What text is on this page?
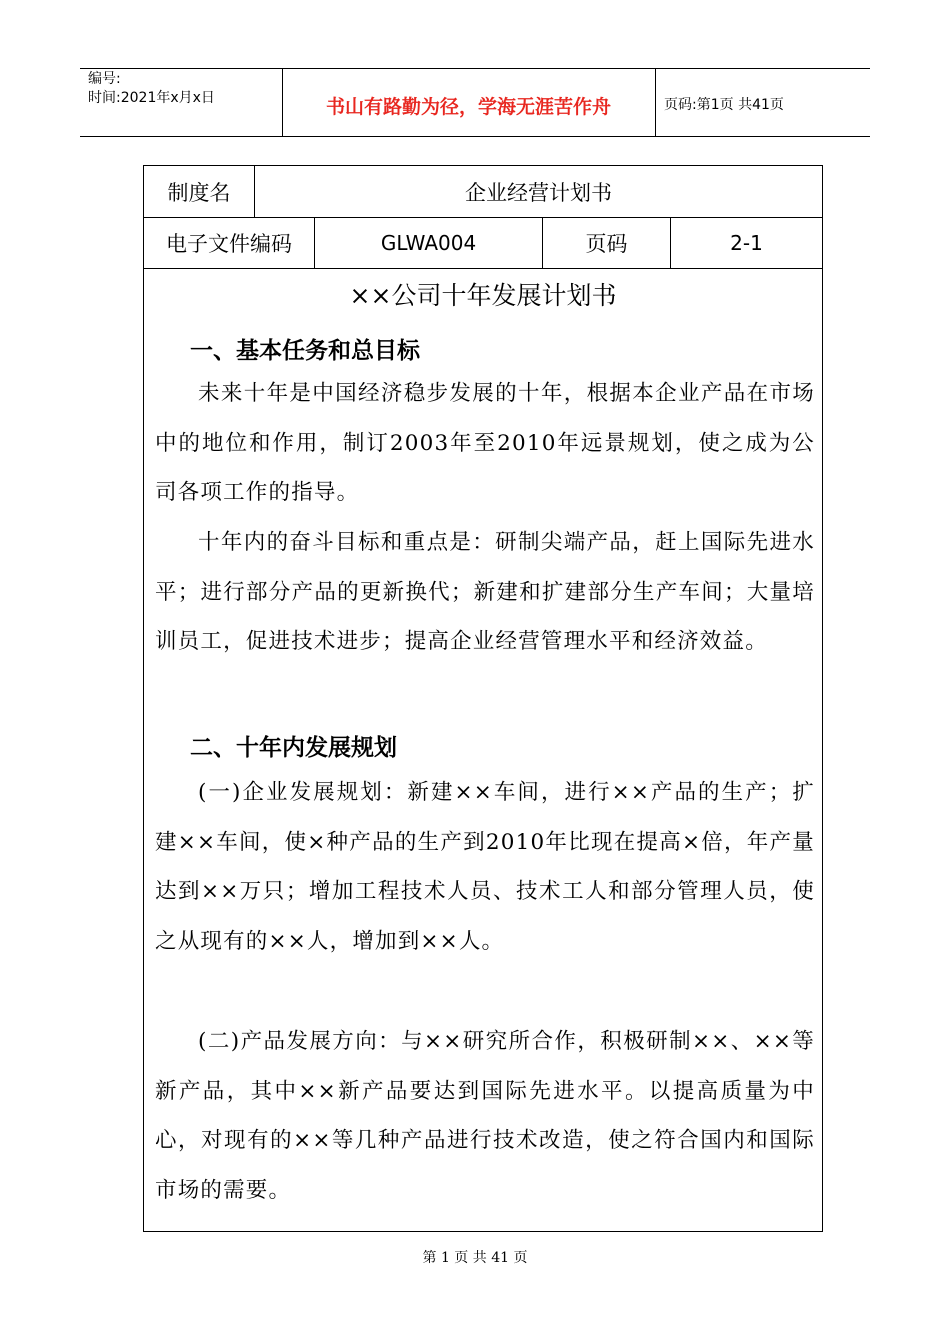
编号:
时间:2021年x月x日	书山有路勤为径，学海无涯苦作舟	页码:第1页 共41页
制度名	企业经营计划书
电子文件编码	GLWA004	页码	2-1
××公司十年发展计划书
一、基本任务和总目标
未来十年是中国经济稳步发展的十年，根据本企业产品在市场中的地位和作用，制订2003年至2010年远景规划，使之成为公司各项工作的指导。
十年内的奋斗目标和重点是：研制尖端产品，赶上国际先进水平；进行部分产品的更新换代；新建和扩建部分生产车间；大量培训员工，促进技术进步；提高企业经营管理水平和经济效益。
二、十年内发展规划
(一)企业发展规划：新建××车间，进行××产品的生产；扩建××车间，使×种产品的生产到2010年比现在提高×倍，年产量达到××万只；增加工程技术人员、技术工人和部分管理人员，使之从现有的××人，增加到××人。
(二)产品发展方向：与××研究所合作，积极研制××、××等新产品，其中××新产品要达到国际先进水平。以提高质量为中心，对现有的××等几种产品进行技术改造，使之符合国内和国际市场的需要。
第 1 页 共 41 页
